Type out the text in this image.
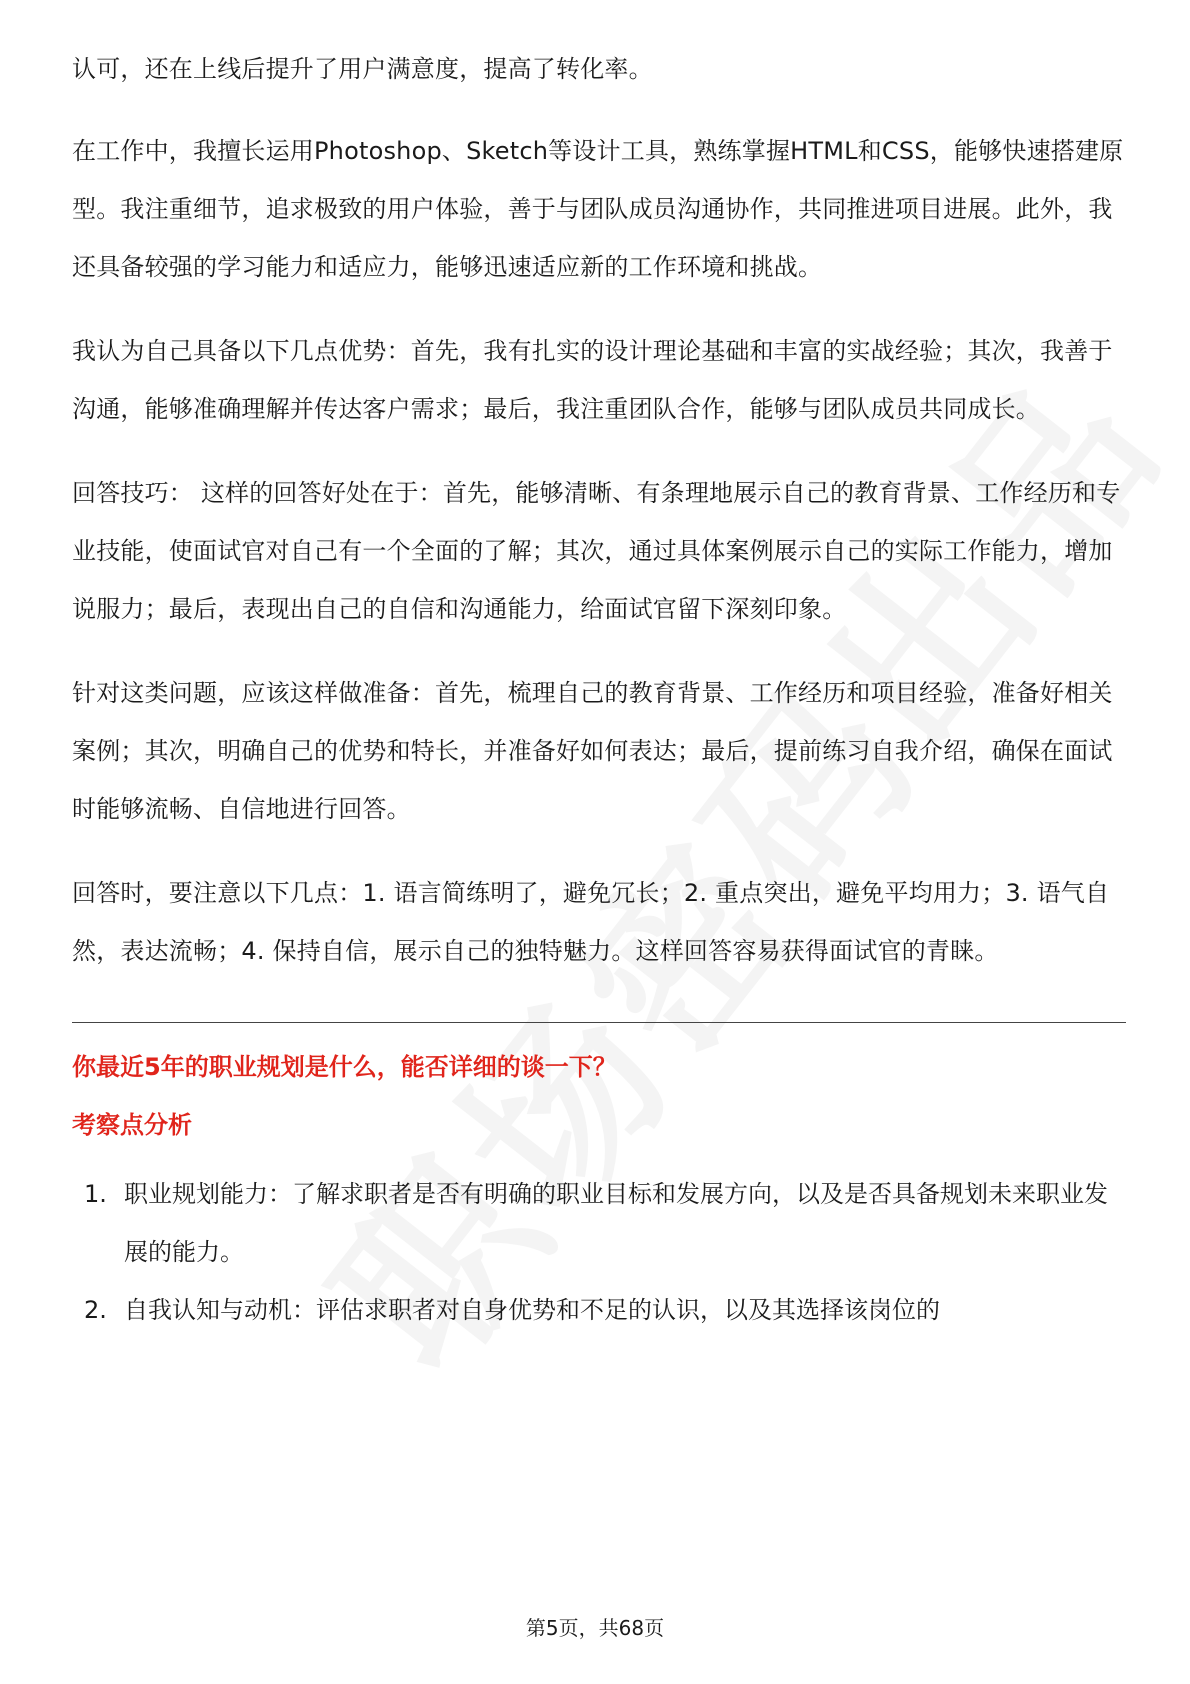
认可，还在上线后提升了用户满意度，提高了转化率。

在工作中，我擅长运用Photoshop、Sketch等设计工具，熟练掌握HTML和CSS，能够快速搭建原型。我注重细节，追求极致的用户体验，善于与团队成员沟通协作，共同推进项目进展。此外，我还具备较强的学习能力和适应力，能够迅速适应新的工作环境和挑战。

我认为自己具备以下几点优势：首先，我有扎实的设计理论基础和丰富的实战经验；其次，我善于沟通，能够准确理解并传达客户需求；最后，我注重团队合作，能够与团队成员共同成长。

回答技巧： 这样的回答好处在于：首先，能够清晰、有条理地展示自己的教育背景、工作经历和专业技能，使面试官对自己有一个全面的了解；其次，通过具体案例展示自己的实际工作能力，增加说服力；最后，表现出自己的自信和沟通能力，给面试官留下深刻印象。

针对这类问题，应该这样做准备：首先，梳理自己的教育背景、工作经历和项目经验，准备好相关案例；其次，明确自己的优势和特长，并准备好如何表达；最后，提前练习自我介绍，确保在面试时能够流畅、自信地进行回答。

回答时，要注意以下几点：1. 语言简练明了，避免冗长；2. 重点突出，避免平均用力；3. 语气自然，表达流畅；4. 保持自信，展示自己的独特魅力。这样回答容易获得面试官的青睐。

你最近5年的职业规划是什么，能否详细的谈一下？

考察点分析

1. 职业规划能力：了解求职者是否有明确的职业目标和发展方向，以及是否具备规划未来职业发展的能力。
2. 自我认知与动机：评估求职者对自身优势和不足的认识，以及其选择该岗位的
第5页，共68页
